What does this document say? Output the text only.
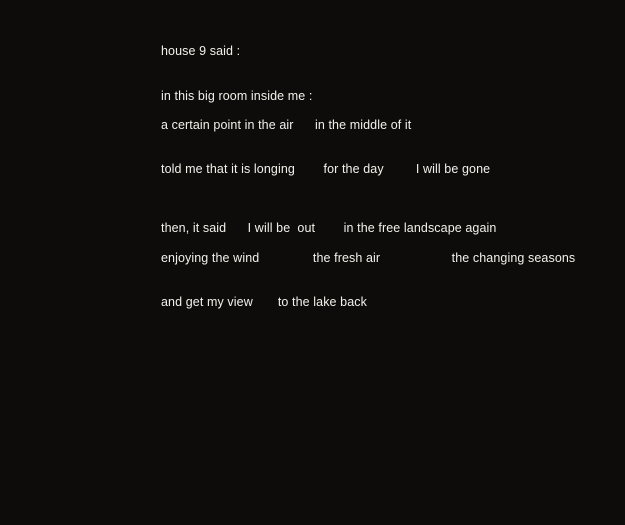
house 9 said :
in this big room inside me :
a certain point in the air      in the middle of it
told me that it is longing        for the day         I will be gone
then, it said      I will be  out        in the free landscape again
enjoying the wind               the fresh air                    the changing seasons
and get my view       to the lake back
